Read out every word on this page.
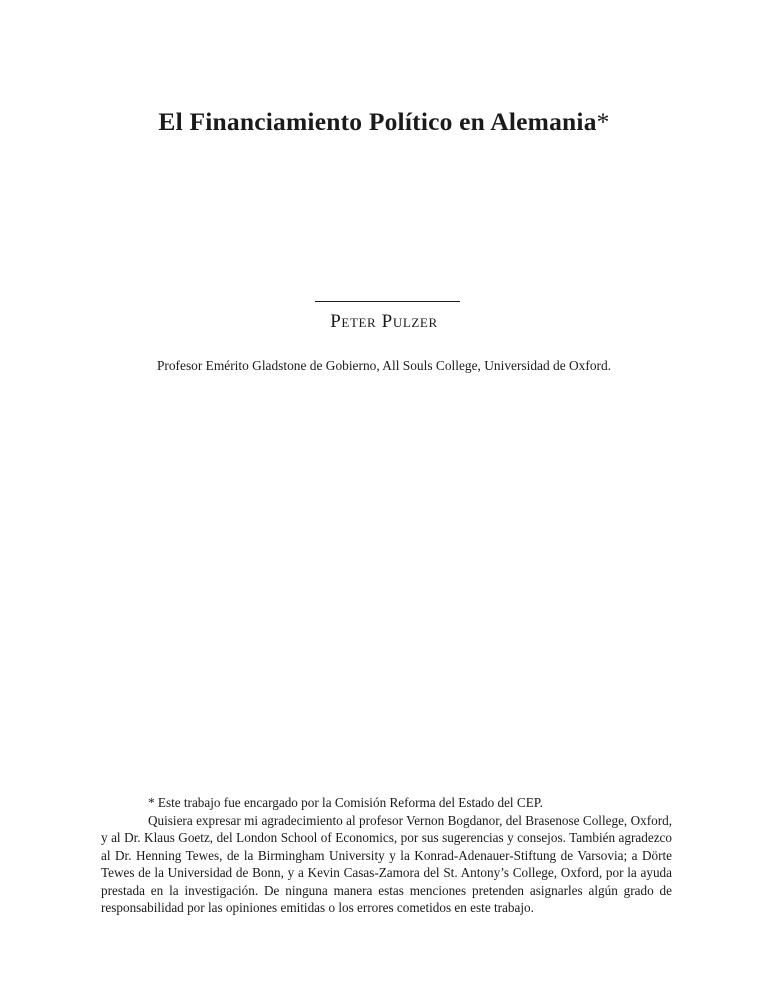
El Financiamiento Político en Alemania*
Peter Pulzer
Profesor Emérito Gladstone de Gobierno, All Souls College, Universidad de Oxford.

* Este trabajo fue encargado por la Comisión Reforma del Estado del CEP.

Quisiera expresar mi agradecimiento al profesor Vernon Bogdanor, del Brasenose College, Oxford, y al Dr. Klaus Goetz, del London School of Economics, por sus sugerencias y consejos. También agradezco al Dr. Henning Tewes, de la Birmingham University y la Konrad-Adenauer-Stiftung de Varsovia; a Dörte Tewes de la Universidad de Bonn, y a Kevin Casas-Zamora del St. Antony’s College, Oxford, por la ayuda prestada en la investigación. De ninguna manera estas menciones pretenden asignarles algún grado de responsabilidad por las opiniones emitidas o los errores cometidos en este trabajo.
